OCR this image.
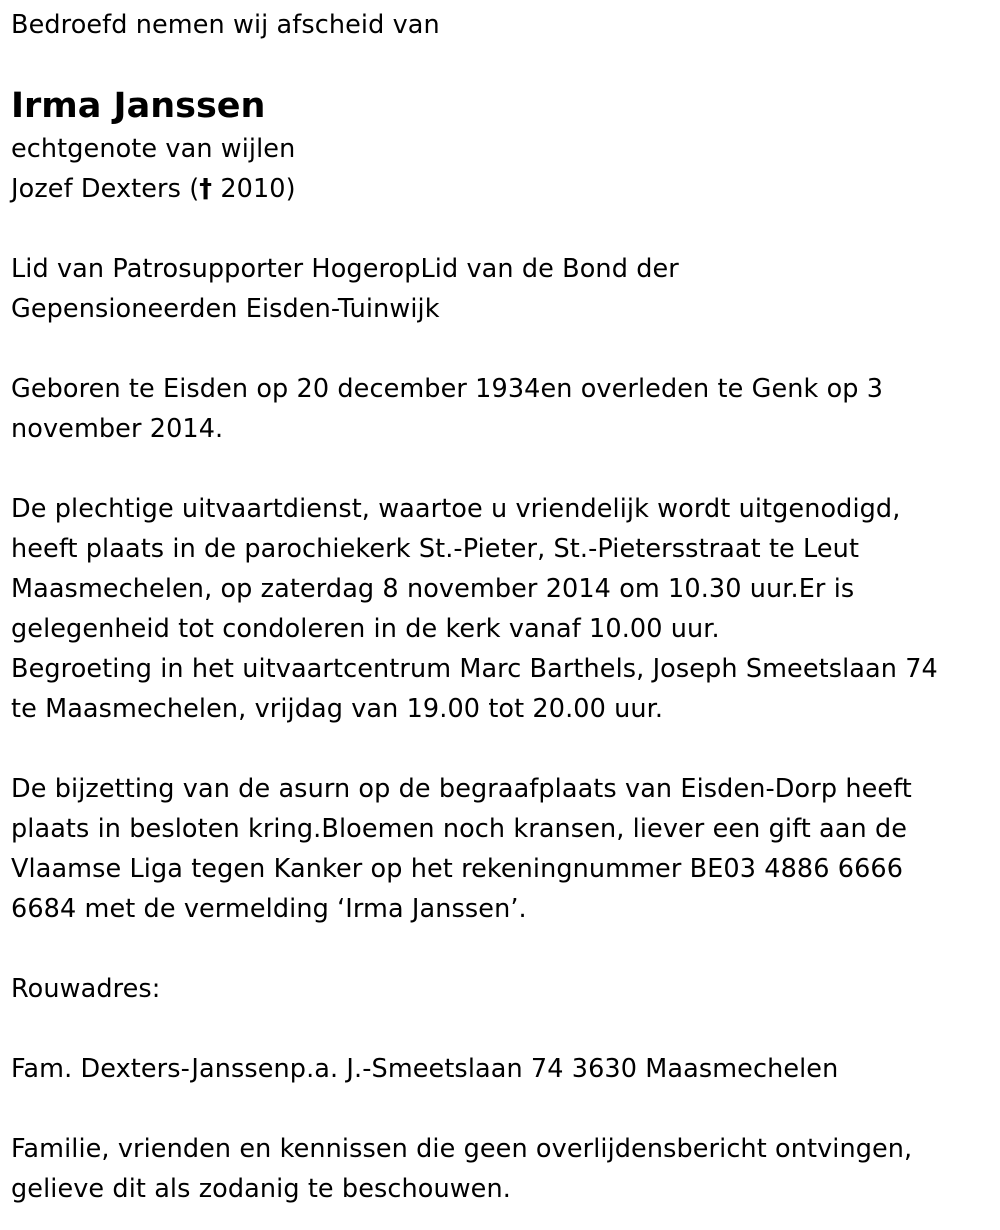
Bedroefd nemen wij afscheid van
Irma Janssen
echtgenote van wijlen
Jozef Dexters († 2010)
Lid van Patrosupporter HogeropLid van de Bond der
Gepensioneerden Eisden-Tuinwijk
Geboren te Eisden op 20 december 1934en overleden te Genk op 3
november 2014.
De plechtige uitvaartdienst, waartoe u vriendelijk wordt uitgenodigd,
heeft plaats in de parochiekerk St.-Pieter, St.-Pietersstraat te Leut
Maasmechelen, op zaterdag 8 november 2014 om 10.30 uur.Er is
gelegenheid tot condoleren in de kerk vanaf 10.00 uur.
Begroeting in het uitvaartcentrum Marc Barthels, Joseph Smeetslaan 74
te Maasmechelen, vrijdag van 19.00 tot 20.00 uur.
De bijzetting van de asurn op de begraafplaats van Eisden-Dorp heeft
plaats in besloten kring.Bloemen noch kransen, liever een gift aan de
Vlaamse Liga tegen Kanker op het rekeningnummer BE03 4886 6666
6684 met de vermelding ‘Irma Janssen’.
Rouwadres:
Fam. Dexters-Janssenp.a. J.-Smeetslaan 74 3630 Maasmechelen
Familie, vrienden en kennissen die geen overlijdensbericht ontvingen,
gelieve dit als zodanig te beschouwen.
